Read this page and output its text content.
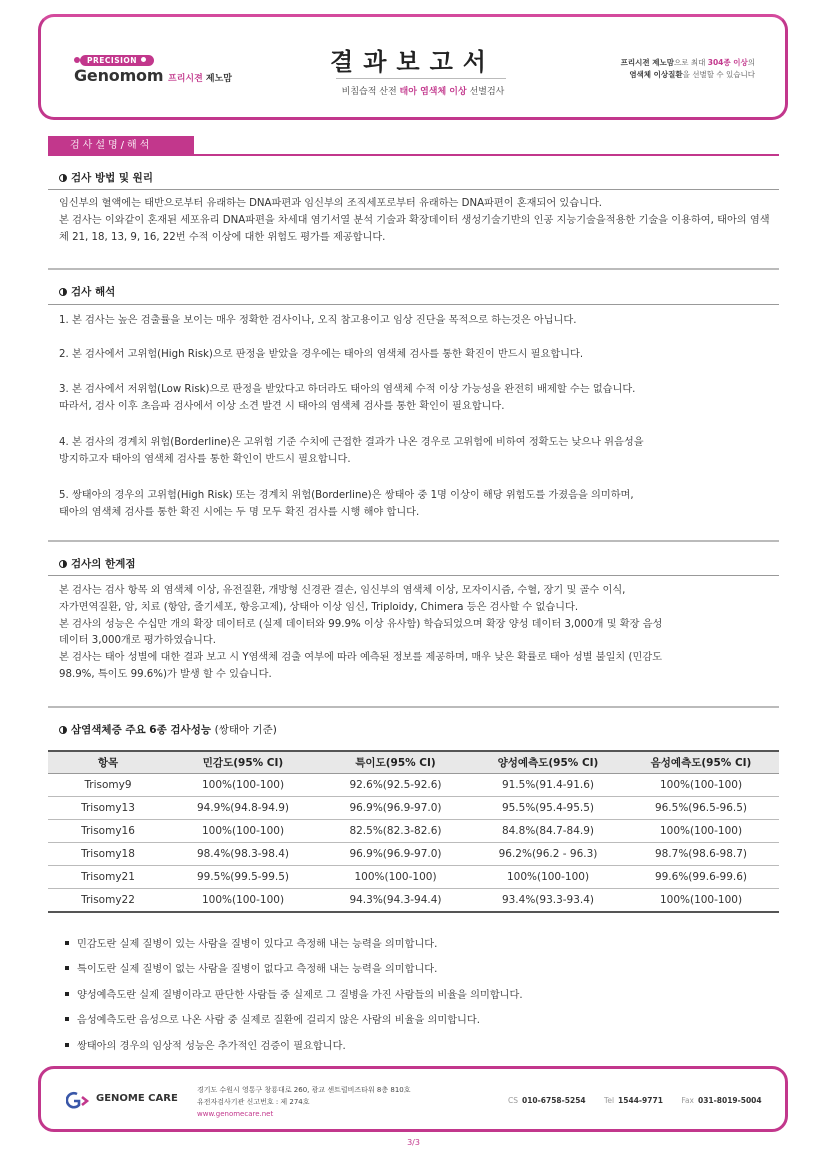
PRECISION
Genomom 프리시젼 제노맘
결과보고서
비침습적 산전 태아 염색체 이상 선별검사
프리시젼 제노맘으로 최대 304종 이상의
염색체 이상질환을 선별할 수 있습니다
검사설명/해석
검사 방법 및 원리
임신부의 혈액에는 태반으로부터 유래하는 DNA파편과 임신부의 조직세포로부터 유래하는 DNA파편이 혼재되어 있습니다.
본 검사는 이와같이 혼재된 세포유리 DNA파편을 차세대 염기서열 분석 기술과 확장데이터 생성기술기반의 인공 지능기술을적용한 기술을 이용하여, 태아의 염색체 21, 18, 13, 9, 16, 22번 수적 이상에 대한 위험도 평가를 제공합니다.
검사 해석
1. 본 검사는 높은 검출률을 보이는 매우 정확한 검사이나, 오직 참고용이고 임상 진단을 목적으로 하는것은 아닙니다.
2. 본 검사에서 고위험(High Risk)으로 판정을 받았을 경우에는 태아의 염색체 검사를 통한 확진이 반드시 필요합니다.
3. 본 검사에서 저위험(Low Risk)으로 판정을 받았다고 하더라도 태아의 염색체 수적 이상 가능성을 완전히 배제할 수는 없습니다.
따라서, 검사 이후 초음파 검사에서 이상 소견 발견 시 태아의 염색체 검사를 통한 확인이 필요합니다.
4. 본 검사의 경계치 위험(Borderline)은 고위험 기준 수치에 근접한 결과가 나온 경우로 고위험에 비하여 정확도는 낮으나 위음성을
방지하고자 태아의 염색체 검사를 통한 확인이 반드시 필요합니다.
5. 쌍태아의 경우의 고위험(High Risk) 또는 경계치 위험(Borderline)은 쌍태아 중 1명 이상이 해당 위험도를 가졌음을 의미하며,
태아의 염색체 검사를 통한 확진 시에는 두 명 모두 확진 검사를 시행 해야 합니다.
검사의 한계점
본 검사는 검사 항목 외 염색체 이상, 유전질환, 개방형 신경관 결손, 임신부의 염색체 이상, 모자이시즘, 수혈, 장기 및 골수 이식,
자가면역질환, 암, 치료 (항암, 줄기세포, 항응고제), 상태아 이상 임신, Triploidy, Chimera 등은 검사할 수 없습니다.
본 검사의 성능은 수십만 개의 확장 데이터로 (실제 데이터와 99.9% 이상 유사함) 학습되었으며 확장 양성 데이터 3,000개 및 확장 음성
데이터 3,000개로 평가하였습니다.
본 검사는 태아 성별에 대한 결과 보고 시 Y염색체 검출 여부에 따라 예측된 정보를 제공하며, 매우 낮은 확률로 태아 성별 불일치 (민감도
98.9%, 특이도 99.6%)가 발생 할 수 있습니다.
삼염색체증 주요 6종 검사성능 (쌍태아 기준)
항목	민감도(95% CI)	특이도(95% CI)	양성예측도(95% CI)	음성예측도(95% CI)
Trisomy9	100%(100-100)	92.6%(92.5-92.6)	91.5%(91.4-91.6)	100%(100-100)
Trisomy13	94.9%(94.8-94.9)	96.9%(96.9-97.0)	95.5%(95.4-95.5)	96.5%(96.5-96.5)
Trisomy16	100%(100-100)	82.5%(82.3-82.6)	84.8%(84.7-84.9)	100%(100-100)
Trisomy18	98.4%(98.3-98.4)	96.9%(96.9-97.0)	96.2%(96.2 - 96.3)	98.7%(98.6-98.7)
Trisomy21	99.5%(99.5-99.5)	100%(100-100)	100%(100-100)	99.6%(99.6-99.6)
Trisomy22	100%(100-100)	94.3%(94.3-94.4)	93.4%(93.3-93.4)	100%(100-100)
민감도란 실제 질병이 있는 사람을 질병이 있다고 측정해 내는 능력을 의미합니다.
특이도란 실제 질병이 없는 사람을 질병이 없다고 측정해 내는 능력을 의미합니다.
양성예측도란 실제 질병이라고 판단한 사람들 중 실제로 그 질병을 가진 사람들의 비율을 의미합니다.
음성예측도란 음성으로 나온 사람 중 실제로 질환에 걸리지 않은 사람의 비율을 의미합니다.
쌍태아의 경우의 임상적 성능은 추가적인 검증이 필요합니다.
GENOME CARE
경기도 수원시 영통구 창룡대로 260, 광교 센트럴비즈타워 8층 810호
유전자검사기관 신고번호 : 제 274호
www.genomecare.net
CS 010-6758-5254 Tel 1544-9771 Fax 031-8019-5004
3/3
